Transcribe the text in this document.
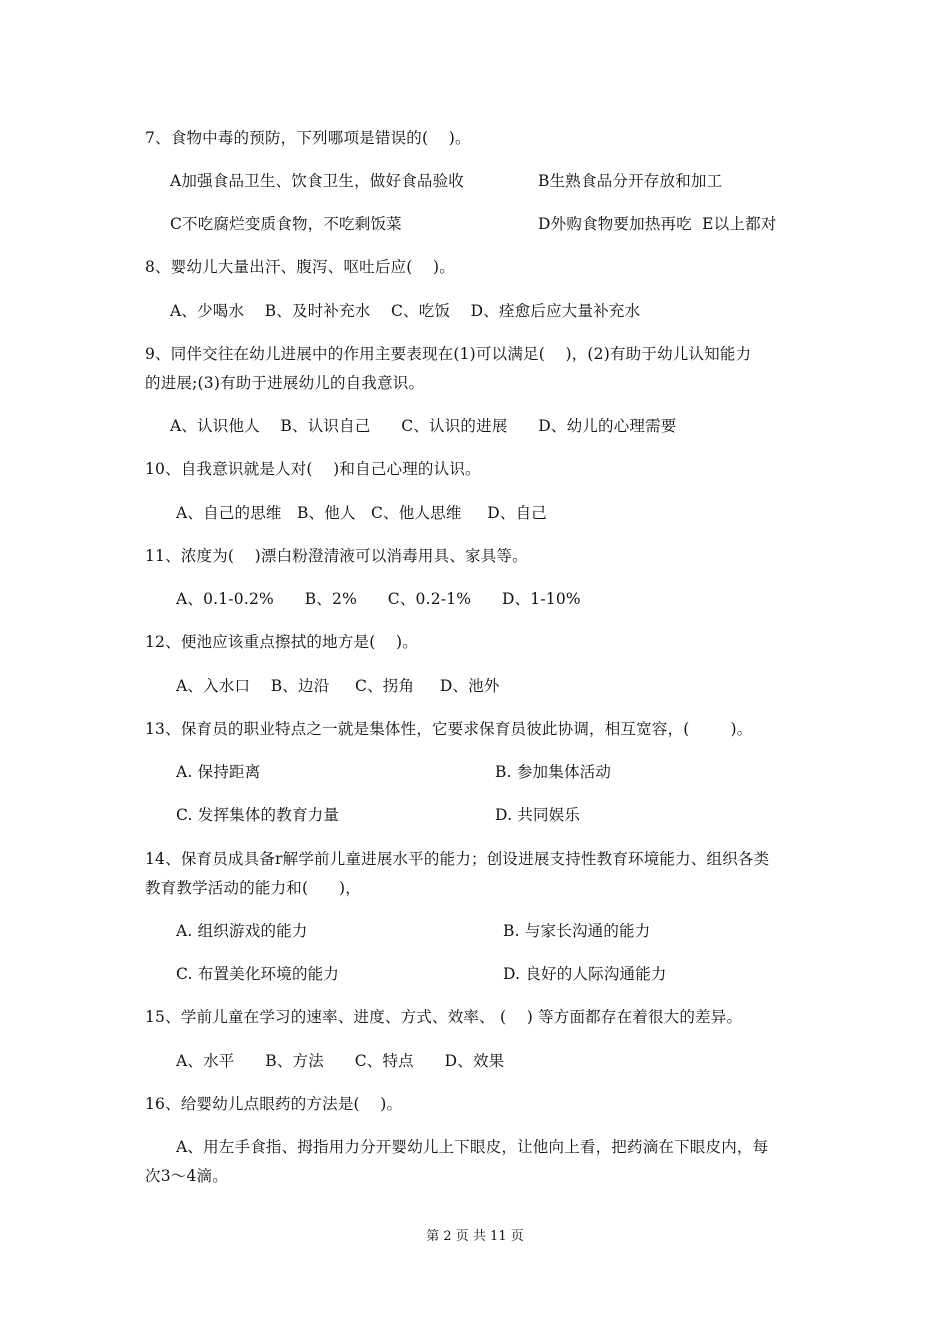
7、食物中毒的预防，下列哪项是错误的(    )。
A加强食品卫生、饮食卫生，做好食品验收	B生熟食品分开存放和加工
C不吃腐烂变质食物，不吃剩饭菜	D外购食物要加热再吃  E以上都对
8、婴幼儿大量出汗、腹泻、呕吐后应(    )。
A、少喝水    B、及时补充水    C、吃饭    D、痊愈后应大量补充水
9、同伴交往在幼儿进展中的作用主要表现在(1)可以满足(    )，(2)有助于幼儿认知能力
的进展;(3)有助于进展幼儿的自我意识。
A、认识他人    B、认识自己      C、认识的进展      D、幼儿的心理需要
10、自我意识就是人对(    )和自己心理的认识。
A、自己的思维   B、他人   C、他人思维     D、自己
11、浓度为(    )漂白粉澄清液可以消毒用具、家具等。
A、0.1-0.2%      B、2%      C、0.2-1%      D、1-10%
12、便池应该重点擦拭的地方是(    )。
A、入水口    B、边沿     C、拐角     D、池外
13、保育员的职业特点之一就是集体性，它要求保育员彼此协调，相互宽容，(        )。
A. 保持距离	B. 参加集体活动
C. 发挥集体的教育力量	D. 共同娱乐
14、保育员成具备r解学前儿童进展水平的能力；创设进展支持性教育环境能力、组织各类
教育教学活动的能力和(      )，
A. 组织游戏的能力	B. 与家长沟通的能力
C. 布置美化环境的能力	D. 良好的人际沟通能力
15、学前儿童在学习的速率、进度、方式、效率、 (    ) 等方面都存在着很大的差异。
A、水平      B、方法      C、特点      D、效果
16、给婴幼儿点眼药的方法是(    )。
A、用左手食指、拇指用力分开婴幼儿上下眼皮，让他向上看，把药滴在下眼皮内，每
次3～4滴。
第 2 页 共 11 页
